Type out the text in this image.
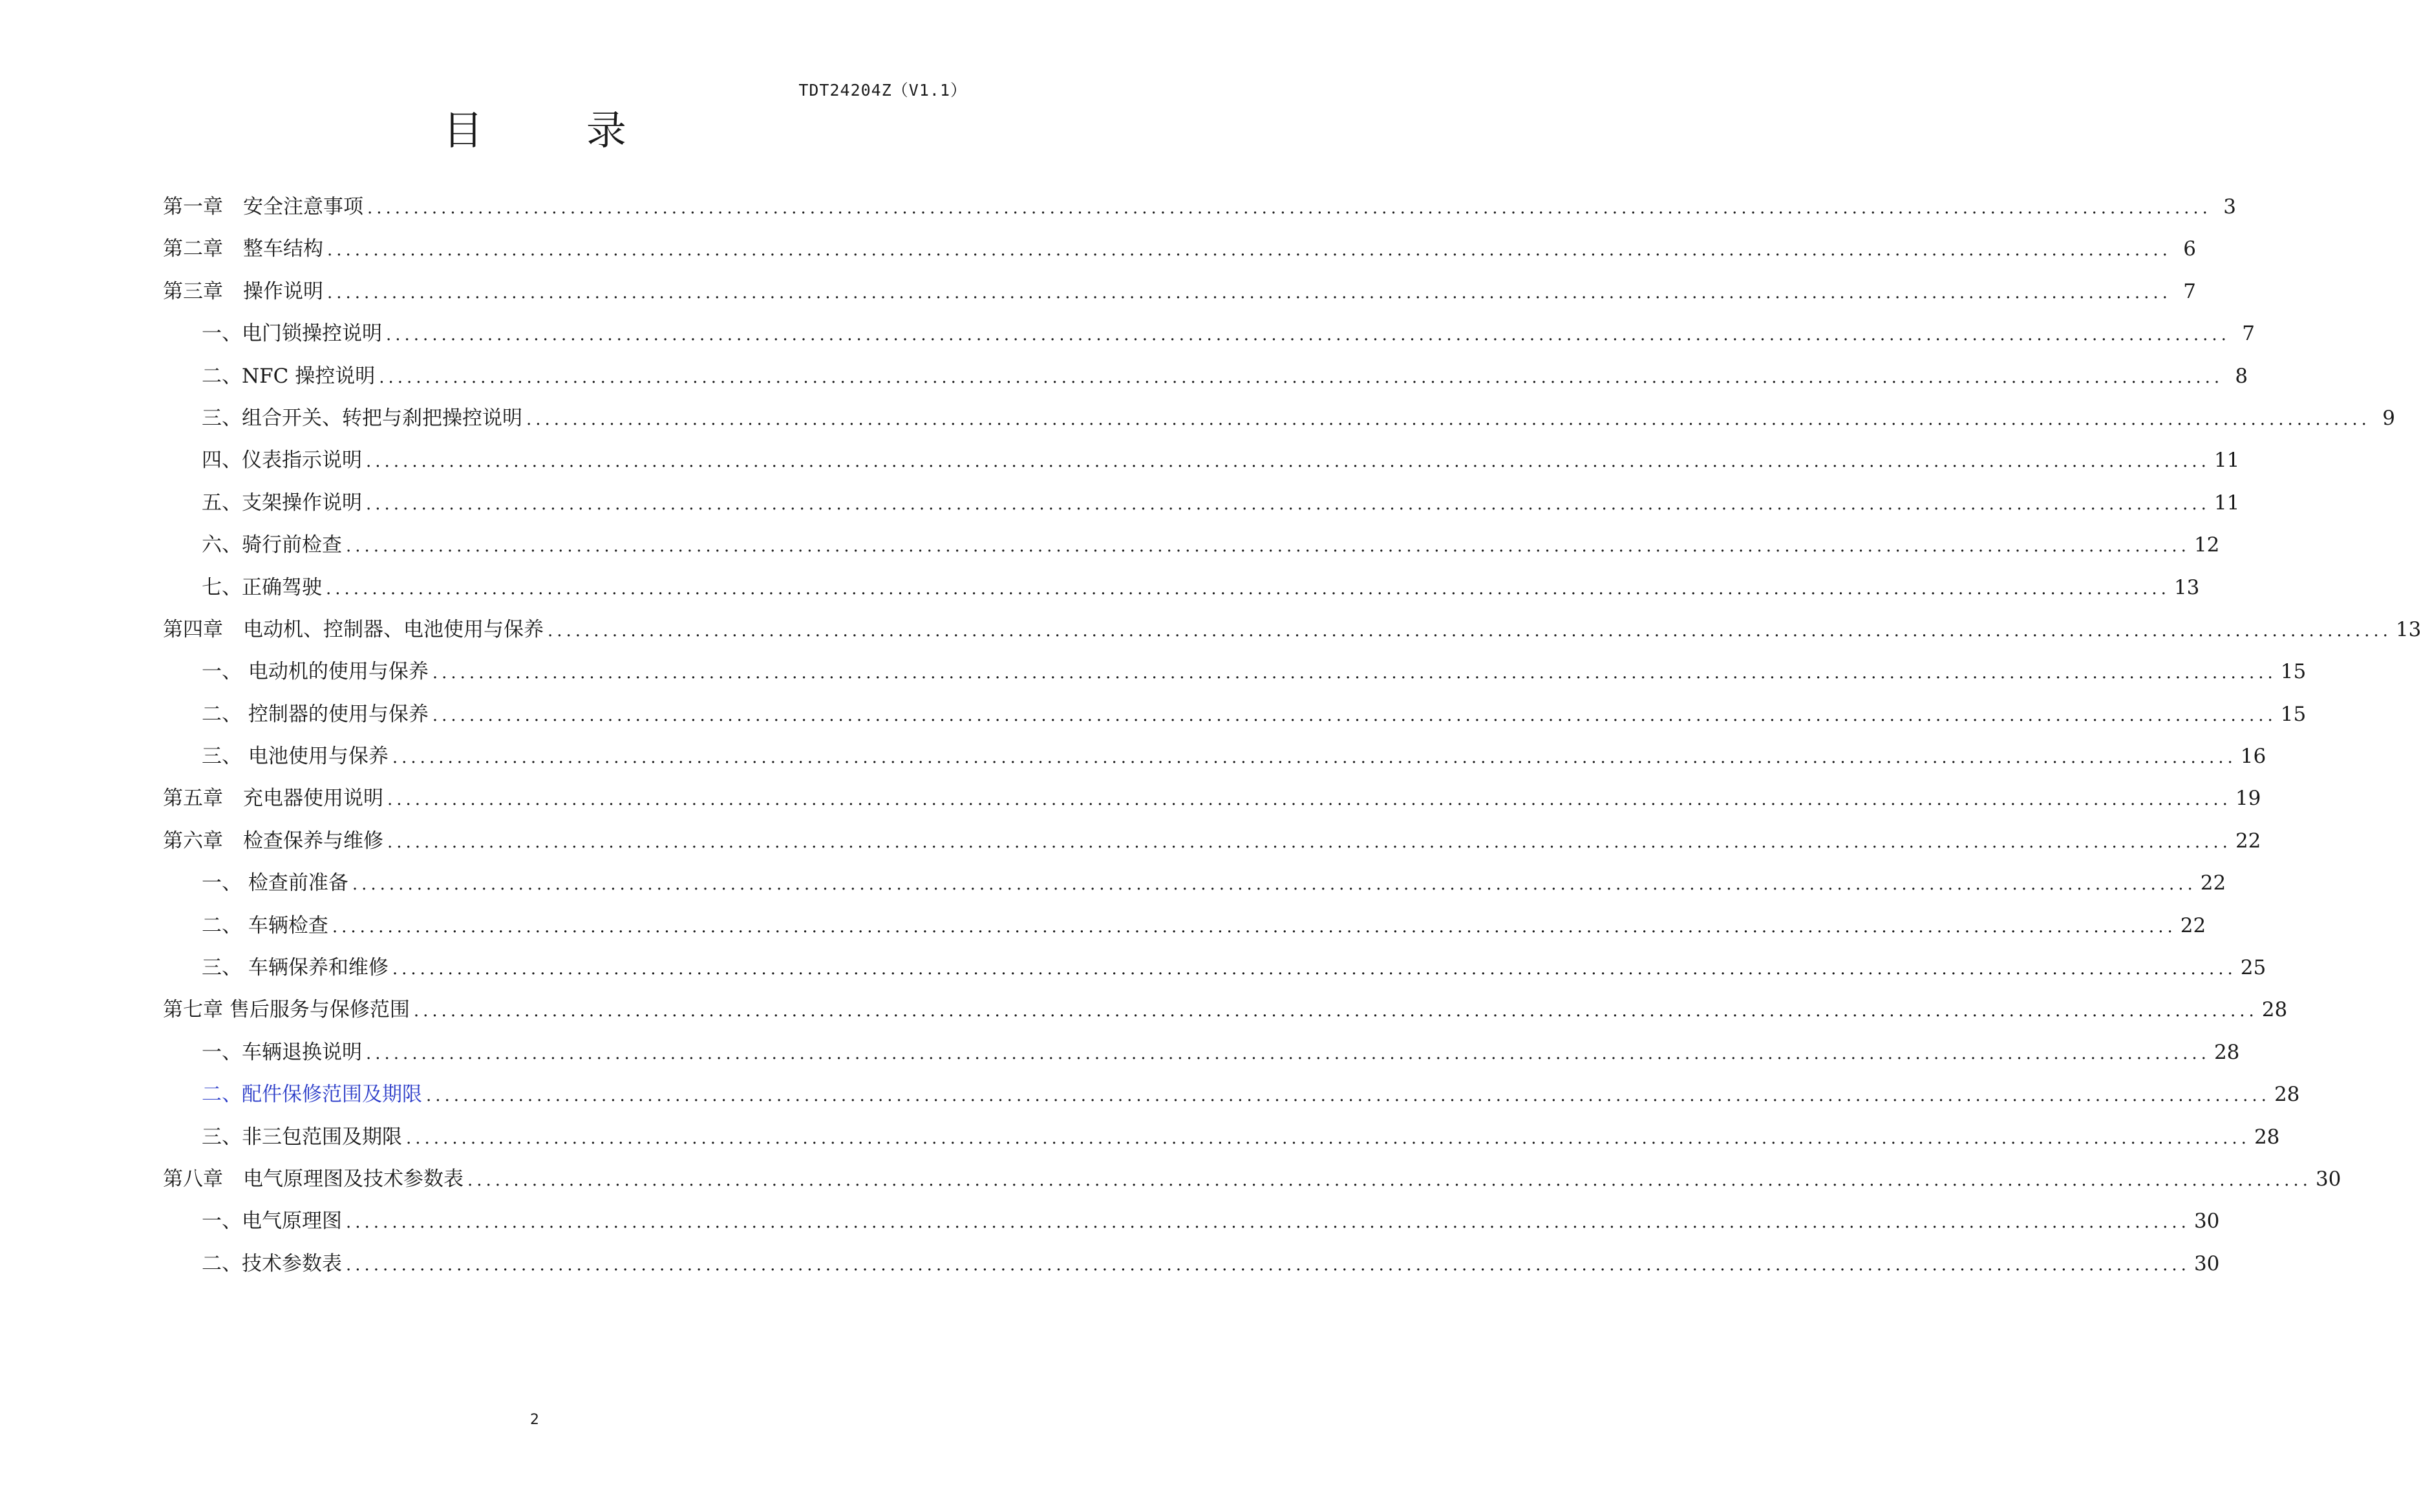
TDT24204Z（V1.1）
目 录
第一章　安全注意事项 ........................................................................................................................................................................................................ 3
第二章　整车结构 ........................................................................................................................................................................................................ 6
第三章　操作说明 ........................................................................................................................................................................................................ 7
一、电门锁操控说明 ........................................................................................................................................................................................................ 7
二、NFC 操控说明 ........................................................................................................................................................................................................ 8
三、组合开关、转把与刹把操控说明 ........................................................................................................................................................................................................ 9
四、仪表指示说明 ........................................................................................................................................................................................................ 11
五、支架操作说明 ........................................................................................................................................................................................................ 11
六、骑行前检查 ........................................................................................................................................................................................................ 12
七、正确驾驶 ........................................................................................................................................................................................................ 13
第四章　电动机、控制器、电池使用与保养 ........................................................................................................................................................................................................ 13
一、 电动机的使用与保养 ........................................................................................................................................................................................................ 15
二、 控制器的使用与保养 ........................................................................................................................................................................................................ 15
三、 电池使用与保养 ........................................................................................................................................................................................................ 16
第五章　充电器使用说明 ........................................................................................................................................................................................................ 19
第六章　检查保养与维修 ........................................................................................................................................................................................................ 22
一、 检查前准备 ........................................................................................................................................................................................................ 22
二、 车辆检查 ........................................................................................................................................................................................................ 22
三、 车辆保养和维修 ........................................................................................................................................................................................................ 25
第七章 售后服务与保修范围 ........................................................................................................................................................................................................ 28
一、车辆退换说明 ........................................................................................................................................................................................................ 28
二、配件保修范围及期限 ........................................................................................................................................................................................................ 28
三、非三包范围及期限 ........................................................................................................................................................................................................ 28
第八章　电气原理图及技术参数表 ........................................................................................................................................................................................................ 30
一、电气原理图 ........................................................................................................................................................................................................ 30
二、技术参数表 ........................................................................................................................................................................................................ 30
2
